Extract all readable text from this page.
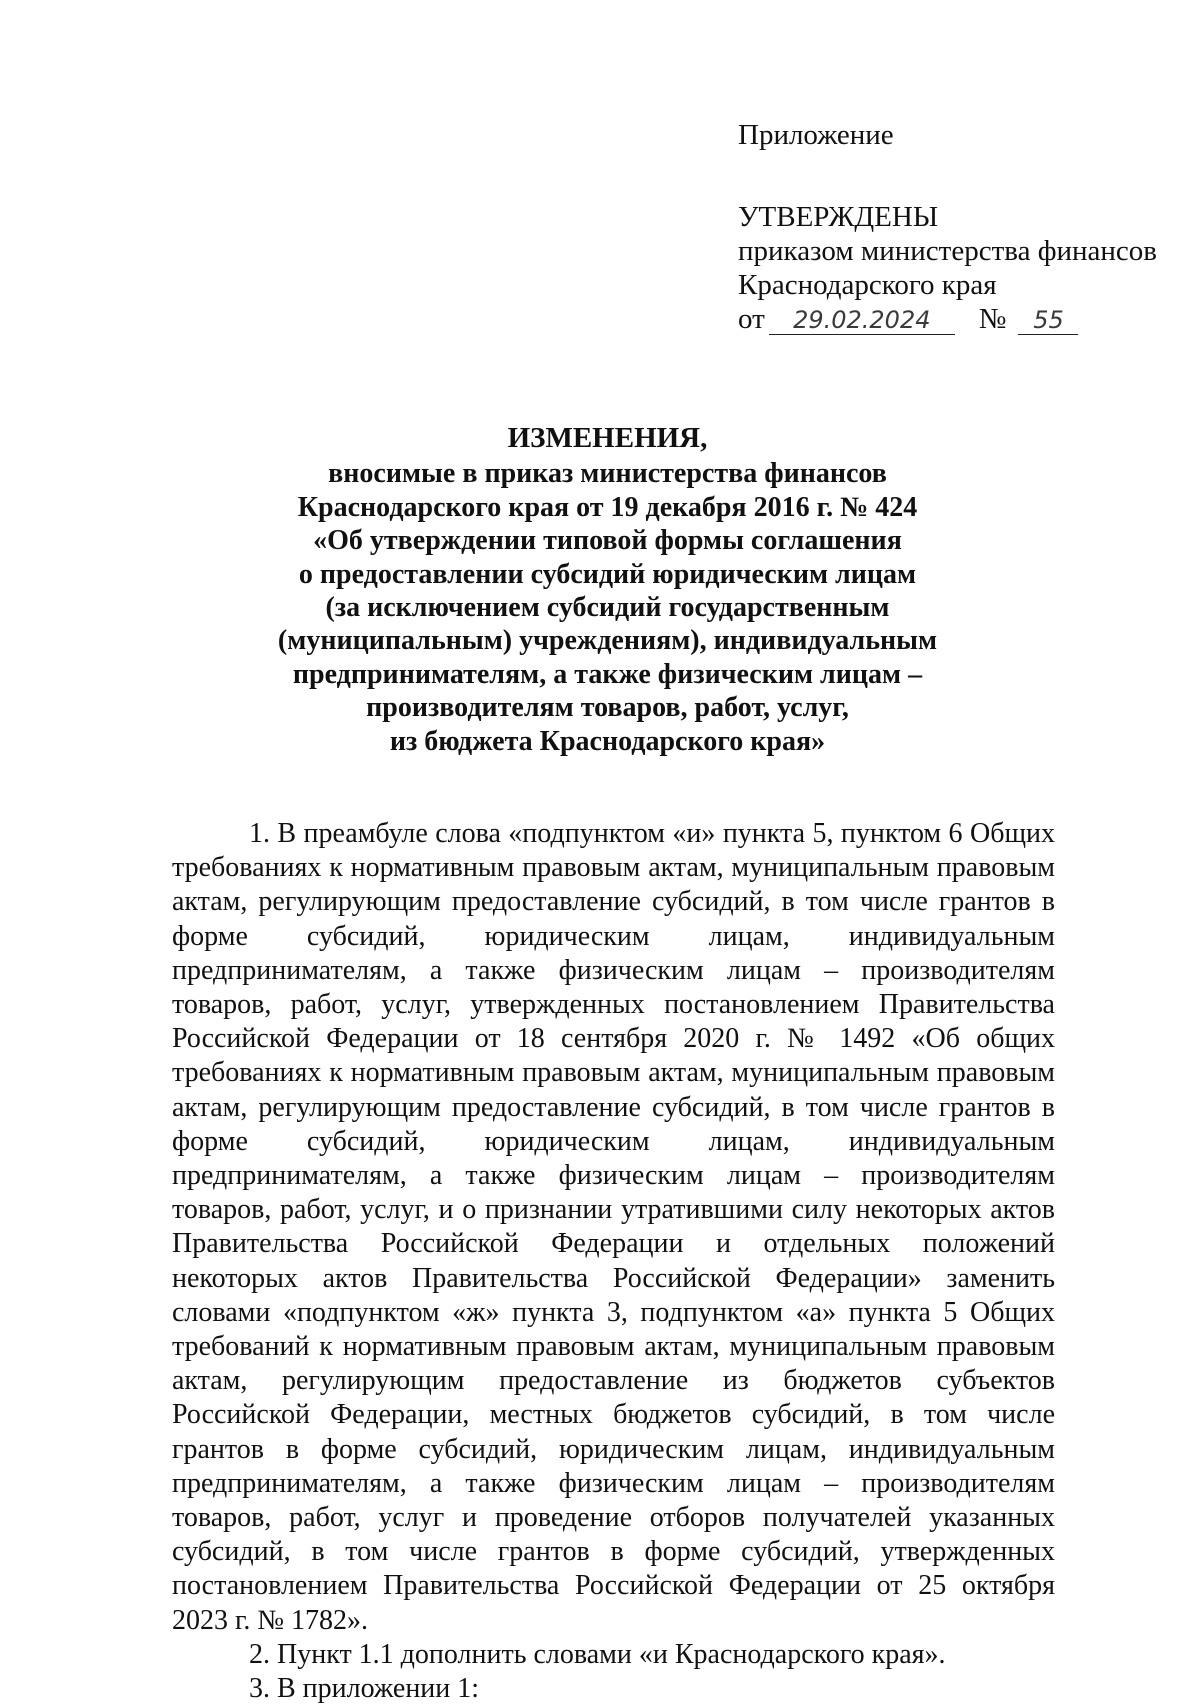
Приложение
УТВЕРЖДЕНЫ
приказом министерства финансов
Краснодарского края
от 29.02.2024 № 55
ИЗМЕНЕНИЯ,
вносимые в приказ министерства финансов
Краснодарского края от 19 декабря 2016 г. № 424
«Об утверждении типовой формы соглашения
о предоставлении субсидий юридическим лицам
(за исключением субсидий государственным
(муниципальным) учреждениям), индивидуальным
предпринимателям, а также физическим лицам –
производителям товаров, работ, услуг,
из бюджета Краснодарского края»

1. В преамбуле слова «подпунктом «и» пункта 5, пунктом 6 Общих требованиях к нормативным правовым актам, муниципальным правовым актам, регулирующим предоставление субсидий, в том числе грантов в форме субсидий, юридическим лицам, индивидуальным предпринимателям, а также физическим лицам – производителям товаров, работ, услуг, утвержденных постановлением Правительства Российской Федерации от 18 сентября 2020 г. № 1492 «Об общих требованиях к нормативным правовым актам, муниципальным правовым актам, регулирующим предоставление субсидий, в том числе грантов в форме субсидий, юридическим лицам, индивидуальным предпринимателям, а также физическим лицам – производителям товаров, работ, услуг, и о признании утратившими силу некоторых актов Правительства Российской Федерации и отдельных положений некоторых актов Правительства Российской Федерации» заменить словами «подпунктом «ж» пункта 3, подпунктом «а» пункта 5 Общих требований к нормативным правовым актам, муниципальным правовым актам, регулирующим предоставление из бюджетов субъектов Российской Федерации, местных бюджетов субсидий, в том числе грантов в форме субсидий, юридическим лицам, индивидуальным предпринимателям, а также физическим лицам – производителям товаров, работ, услуг и проведение отборов получателей указанных субсидий, в том числе грантов в форме субсидий, утвержденных постановлением Правительства Российской Федерации от 25 октября 2023 г. № 1782».

2. Пункт 1.1 дополнить словами «и Краснодарского края».

3. В приложении 1:
